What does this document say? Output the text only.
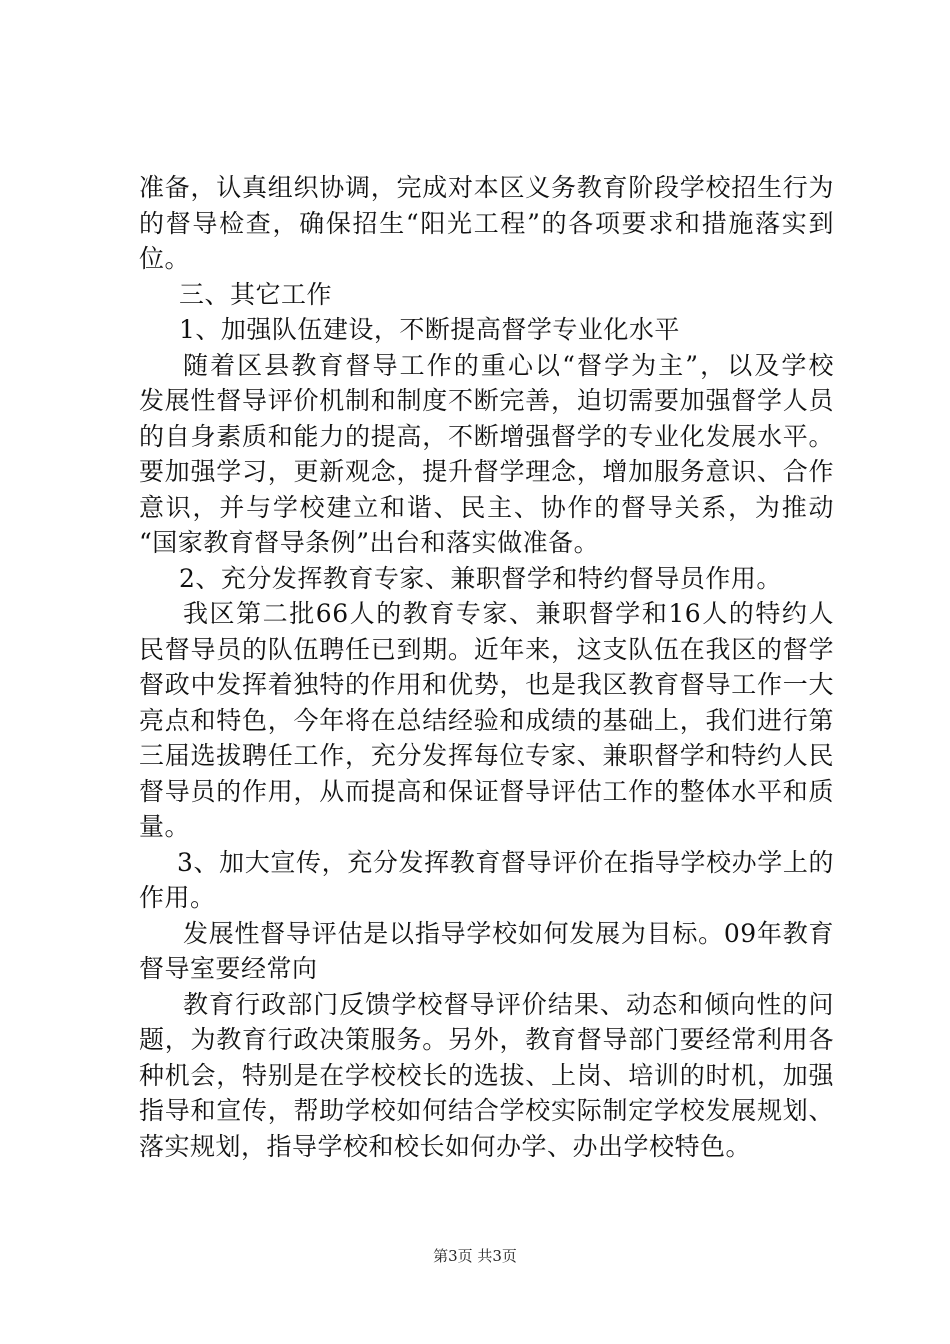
准备，认真组织协调，完成对本区义务教育阶段学校招生行为
的督导检查，确保招生“阳光工程”的各项要求和措施落实到
位。
三、其它工作
1、加强队伍建设，不断提高督学专业化水平
随着区县教育督导工作的重心以“督学为主”，以及学校
发展性督导评价机制和制度不断完善，迫切需要加强督学人员
的自身素质和能力的提高，不断增强督学的专业化发展水平。
要加强学习，更新观念，提升督学理念，增加服务意识、合作
意识，并与学校建立和谐、民主、协作的督导关系，为推动
“国家教育督导条例”出台和落实做准备。
2、充分发挥教育专家、兼职督学和特约督导员作用。
我区第二批66人的教育专家、兼职督学和16人的特约人
民督导员的队伍聘任已到期。近年来，这支队伍在我区的督学
督政中发挥着独特的作用和优势，也是我区教育督导工作一大
亮点和特色，今年将在总结经验和成绩的基础上，我们进行第
三届选拔聘任工作，充分发挥每位专家、兼职督学和特约人民
督导员的作用，从而提高和保证督导评估工作的整体水平和质
量。
3、加大宣传，充分发挥教育督导评价在指导学校办学上的
作用。
发展性督导评估是以指导学校如何发展为目标。09年教育
督导室要经常向
教育行政部门反馈学校督导评价结果、动态和倾向性的问
题，为教育行政决策服务。另外，教育督导部门要经常利用各
种机会，特别是在学校校长的选拔、上岗、培训的时机，加强
指导和宣传，帮助学校如何结合学校实际制定学校发展规划、
落实规划，指导学校和校长如何办学、办出学校特色。
第3页 共3页
